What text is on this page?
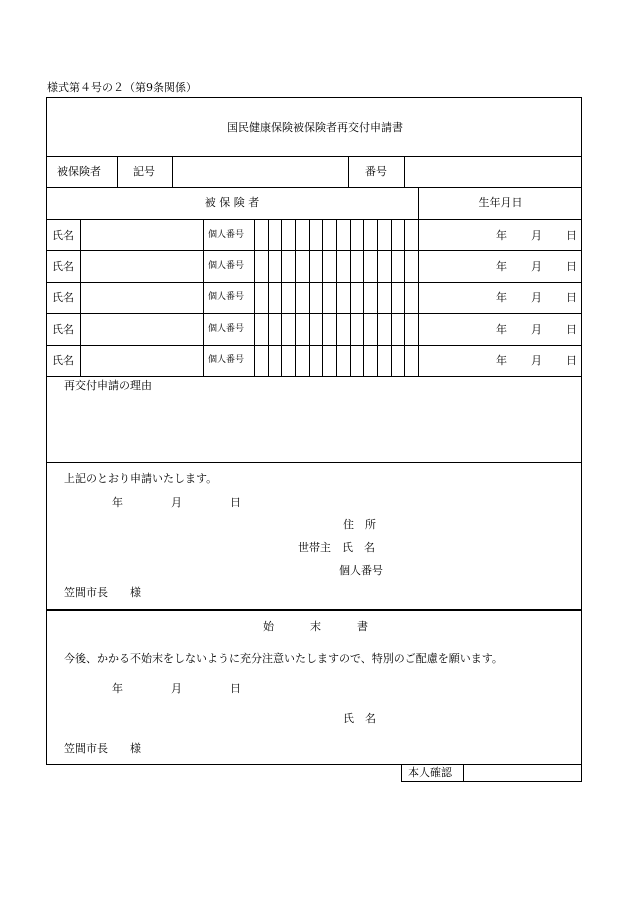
様式第４号の２（第9条関係）
国民健康保険被保険者再交付申請書
被保険者	記号	番号
被 保 険 者	生年月日
氏名	個人番号	年 月 日
氏名	個人番号	年 月 日
氏名	個人番号	年 月 日
氏名	個人番号	年 月 日
氏名	個人番号	年 月 日
再交付申請の理由
上記のとおり申請いたします。
年	月	日
住　所
世帯主　氏　名
個人番号
笠間市長　　様
始	末	書
今後、かかる不始末をしないように充分注意いたしますので、特別のご配慮を願います。
年	月	日
氏　名
笠間市長　　様
本人確認
